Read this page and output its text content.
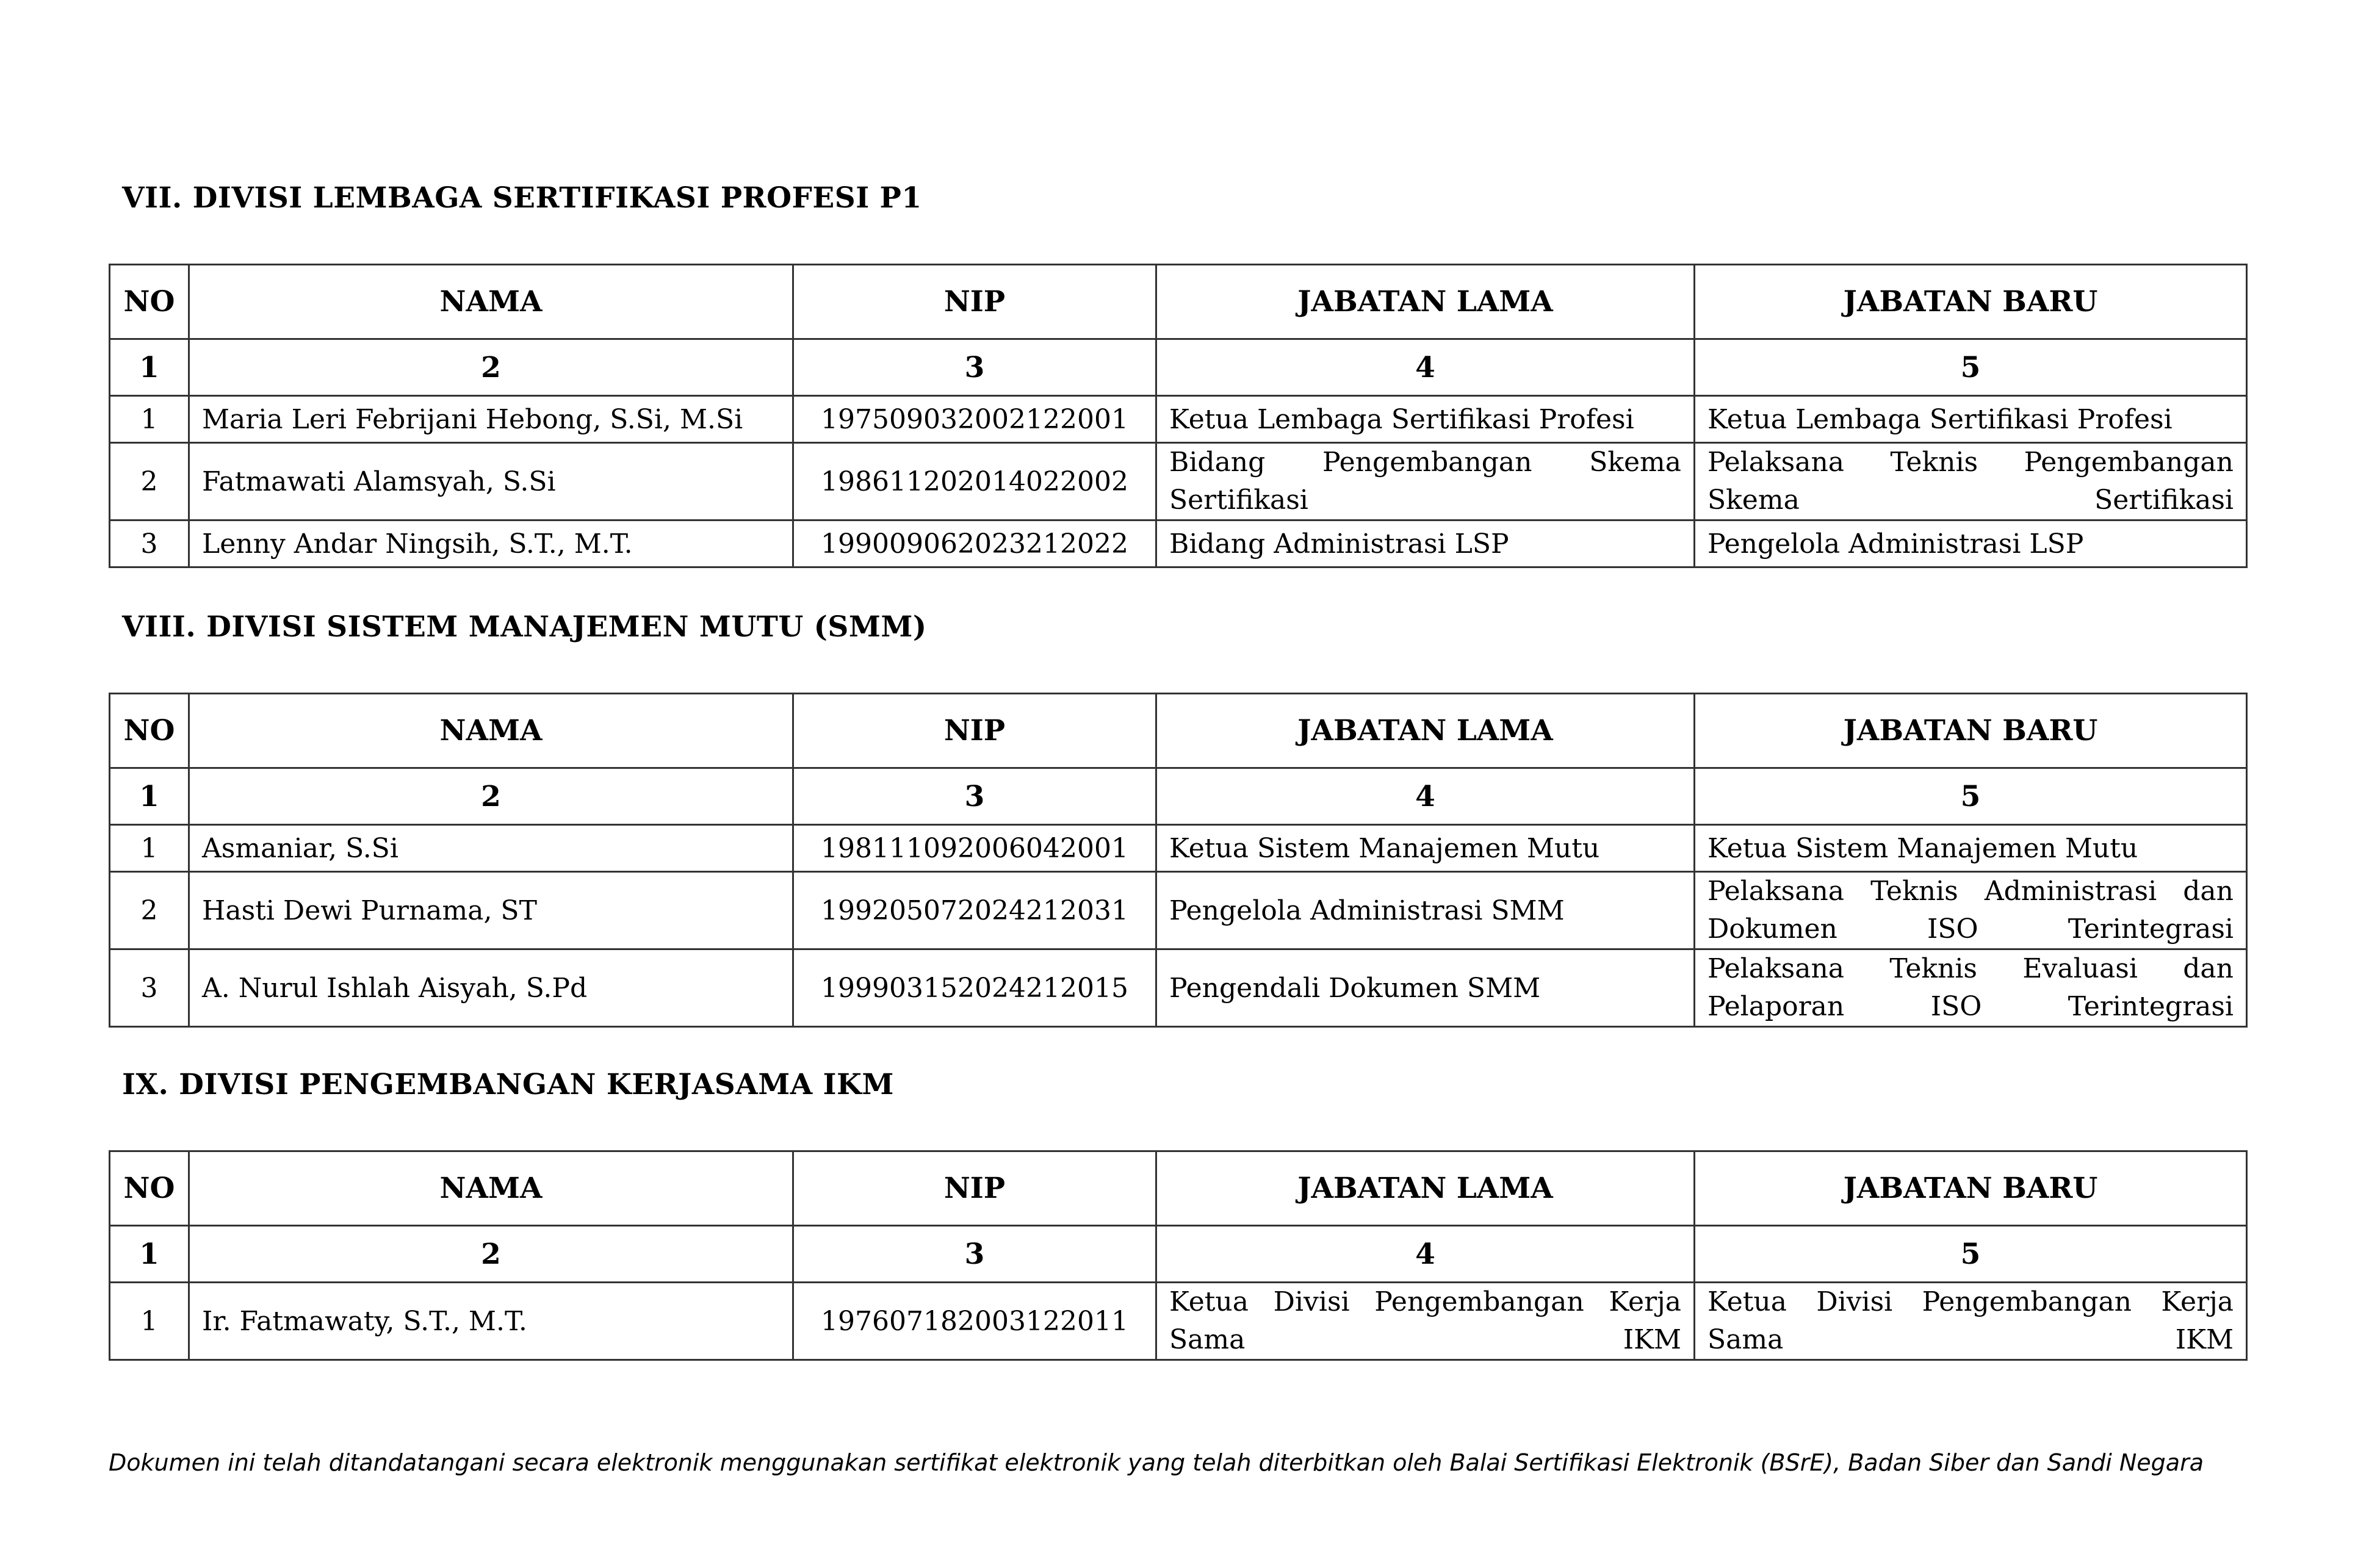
VII. DIVISI LEMBAGA SERTIFIKASI PROFESI P1
NO	NAMA	NIP	JABATAN LAMA	JABATAN BARU
1	2	3	4	5
1	Maria Leri Febrijani Hebong, S.Si, M.Si	197509032002122001	Ketua Lembaga Sertifikasi Profesi	Ketua Lembaga Sertifikasi Profesi
2	Fatmawati Alamsyah, S.Si	198611202014022002	Bidang Pengembangan Skema Sertifikasi	Pelaksana Teknis Pengembangan Skema Sertifikasi
3	Lenny Andar Ningsih, S.T., M.T.	199009062023212022	Bidang Administrasi LSP	Pengelola Administrasi LSP
VIII. DIVISI SISTEM MANAJEMEN MUTU (SMM)
NO	NAMA	NIP	JABATAN LAMA	JABATAN BARU
1	2	3	4	5
1	Asmaniar, S.Si	198111092006042001	Ketua Sistem Manajemen Mutu	Ketua Sistem Manajemen Mutu
2	Hasti Dewi Purnama, ST	199205072024212031	Pengelola Administrasi SMM	Pelaksana Teknis Administrasi dan Dokumen ISO Terintegrasi
3	A. Nurul Ishlah Aisyah, S.Pd	199903152024212015	Pengendali Dokumen SMM	Pelaksana Teknis Evaluasi dan Pelaporan ISO Terintegrasi
IX. DIVISI PENGEMBANGAN KERJASAMA IKM
NO	NAMA	NIP	JABATAN LAMA	JABATAN BARU
1	2	3	4	5
1	Ir. Fatmawaty, S.T., M.T.	197607182003122011	Ketua Divisi Pengembangan Kerja Sama IKM	Ketua Divisi Pengembangan Kerja Sama IKM
Dokumen ini telah ditandatangani secara elektronik menggunakan sertifikat elektronik yang telah diterbitkan oleh Balai Sertifikasi Elektronik (BSrE), Badan Siber dan Sandi Negara
